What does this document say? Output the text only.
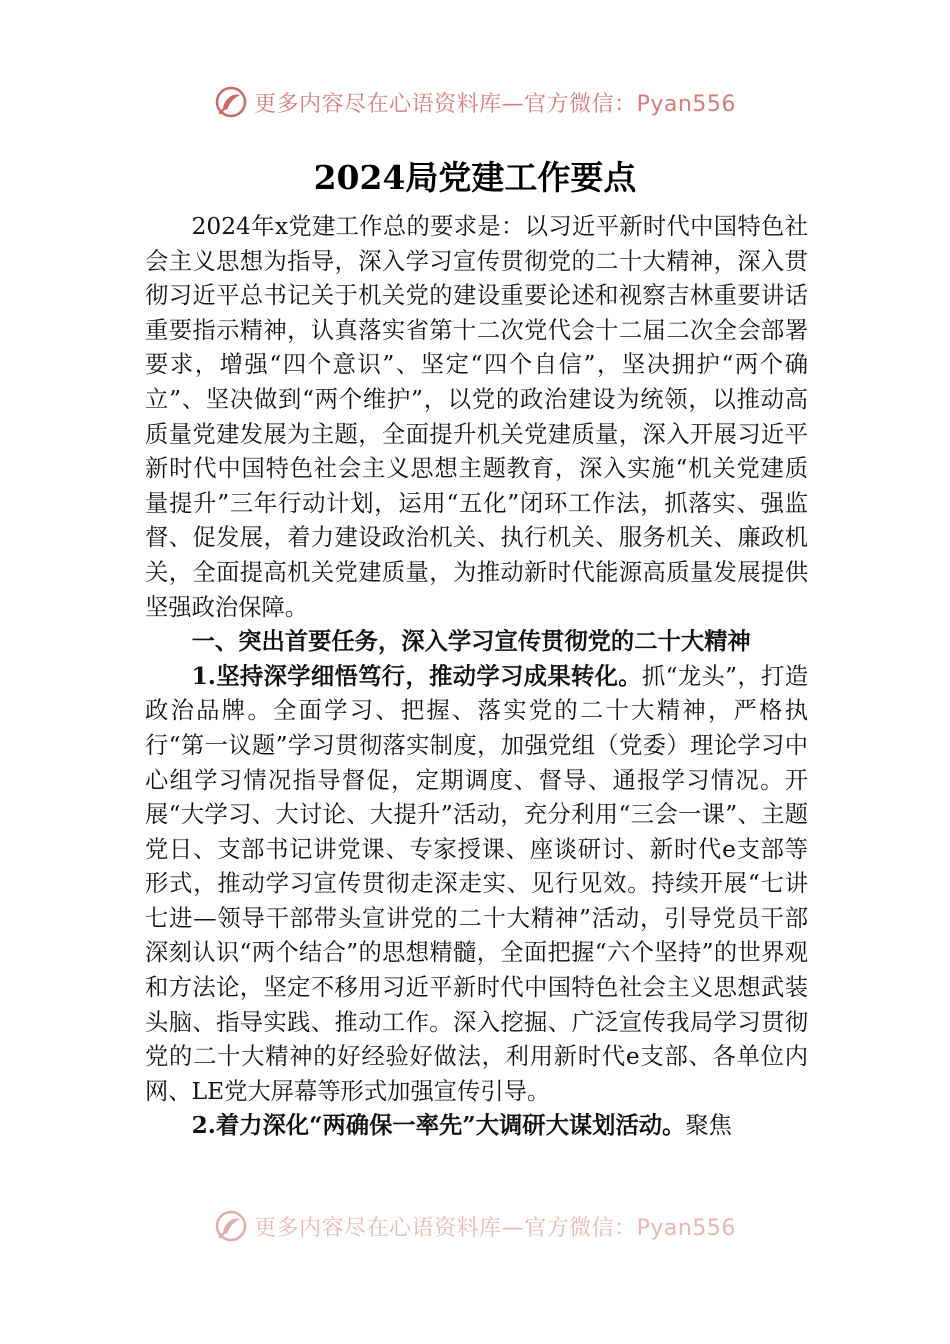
更多内容尽在心语资料库—官方微信：Pyan556
2024局党建工作要点

2024年x党建工作总的要求是：以习近平新时代中国特色社会主义思想为指导，深入学习宣传贯彻党的二十大精神，深入贯彻习近平总书记关于机关党的建设重要论述和视察吉林重要讲话重要指示精神，认真落实省第十二次党代会十二届二次全会部署要求，增强“四个意识”、坚定“四个自信”，坚决拥护“两个确立”、坚决做到“两个维护”，以党的政治建设为统领，以推动高质量党建发展为主题，全面提升机关党建质量，深入开展习近平新时代中国特色社会主义思想主题教育，深入实施“机关党建质量提升”三年行动计划，运用“五化”闭环工作法，抓落实、强监督、促发展，着力建设政治机关、执行机关、服务机关、廉政机关，全面提高机关党建质量，为推动新时代能源高质量发展提供坚强政治保障。

一、突出首要任务，深入学习宣传贯彻党的二十大精神

1.坚持深学细悟笃行，推动学习成果转化。抓“龙头”，打造政治品牌。全面学习、把握、落实党的二十大精神，严格执行“第一议题”学习贯彻落实制度，加强党组（党委）理论学习中心组学习情况指导督促，定期调度、督导、通报学习情况。开展“大学习、大讨论、大提升”活动，充分利用“三会一课”、主题党日、支部书记讲党课、专家授课、座谈研讨、新时代e支部等形式，推动学习宣传贯彻走深走实、见行见效。持续开展“七讲七进—领导干部带头宣讲党的二十大精神”活动，引导党员干部深刻认识“两个结合”的思想精髓，全面把握“六个坚持”的世界观和方法论，坚定不移用习近平新时代中国特色社会主义思想武装头脑、指导实践、推动工作。深入挖掘、广泛宣传我局学习贯彻党的二十大精神的好经验好做法，利用新时代e支部、各单位内网、LE党大屏幕等形式加强宣传引导。

2.着力深化“两确保一率先”大调研大谋划活动。聚焦

更多内容尽在心语资料库—官方微信：Pyan556
